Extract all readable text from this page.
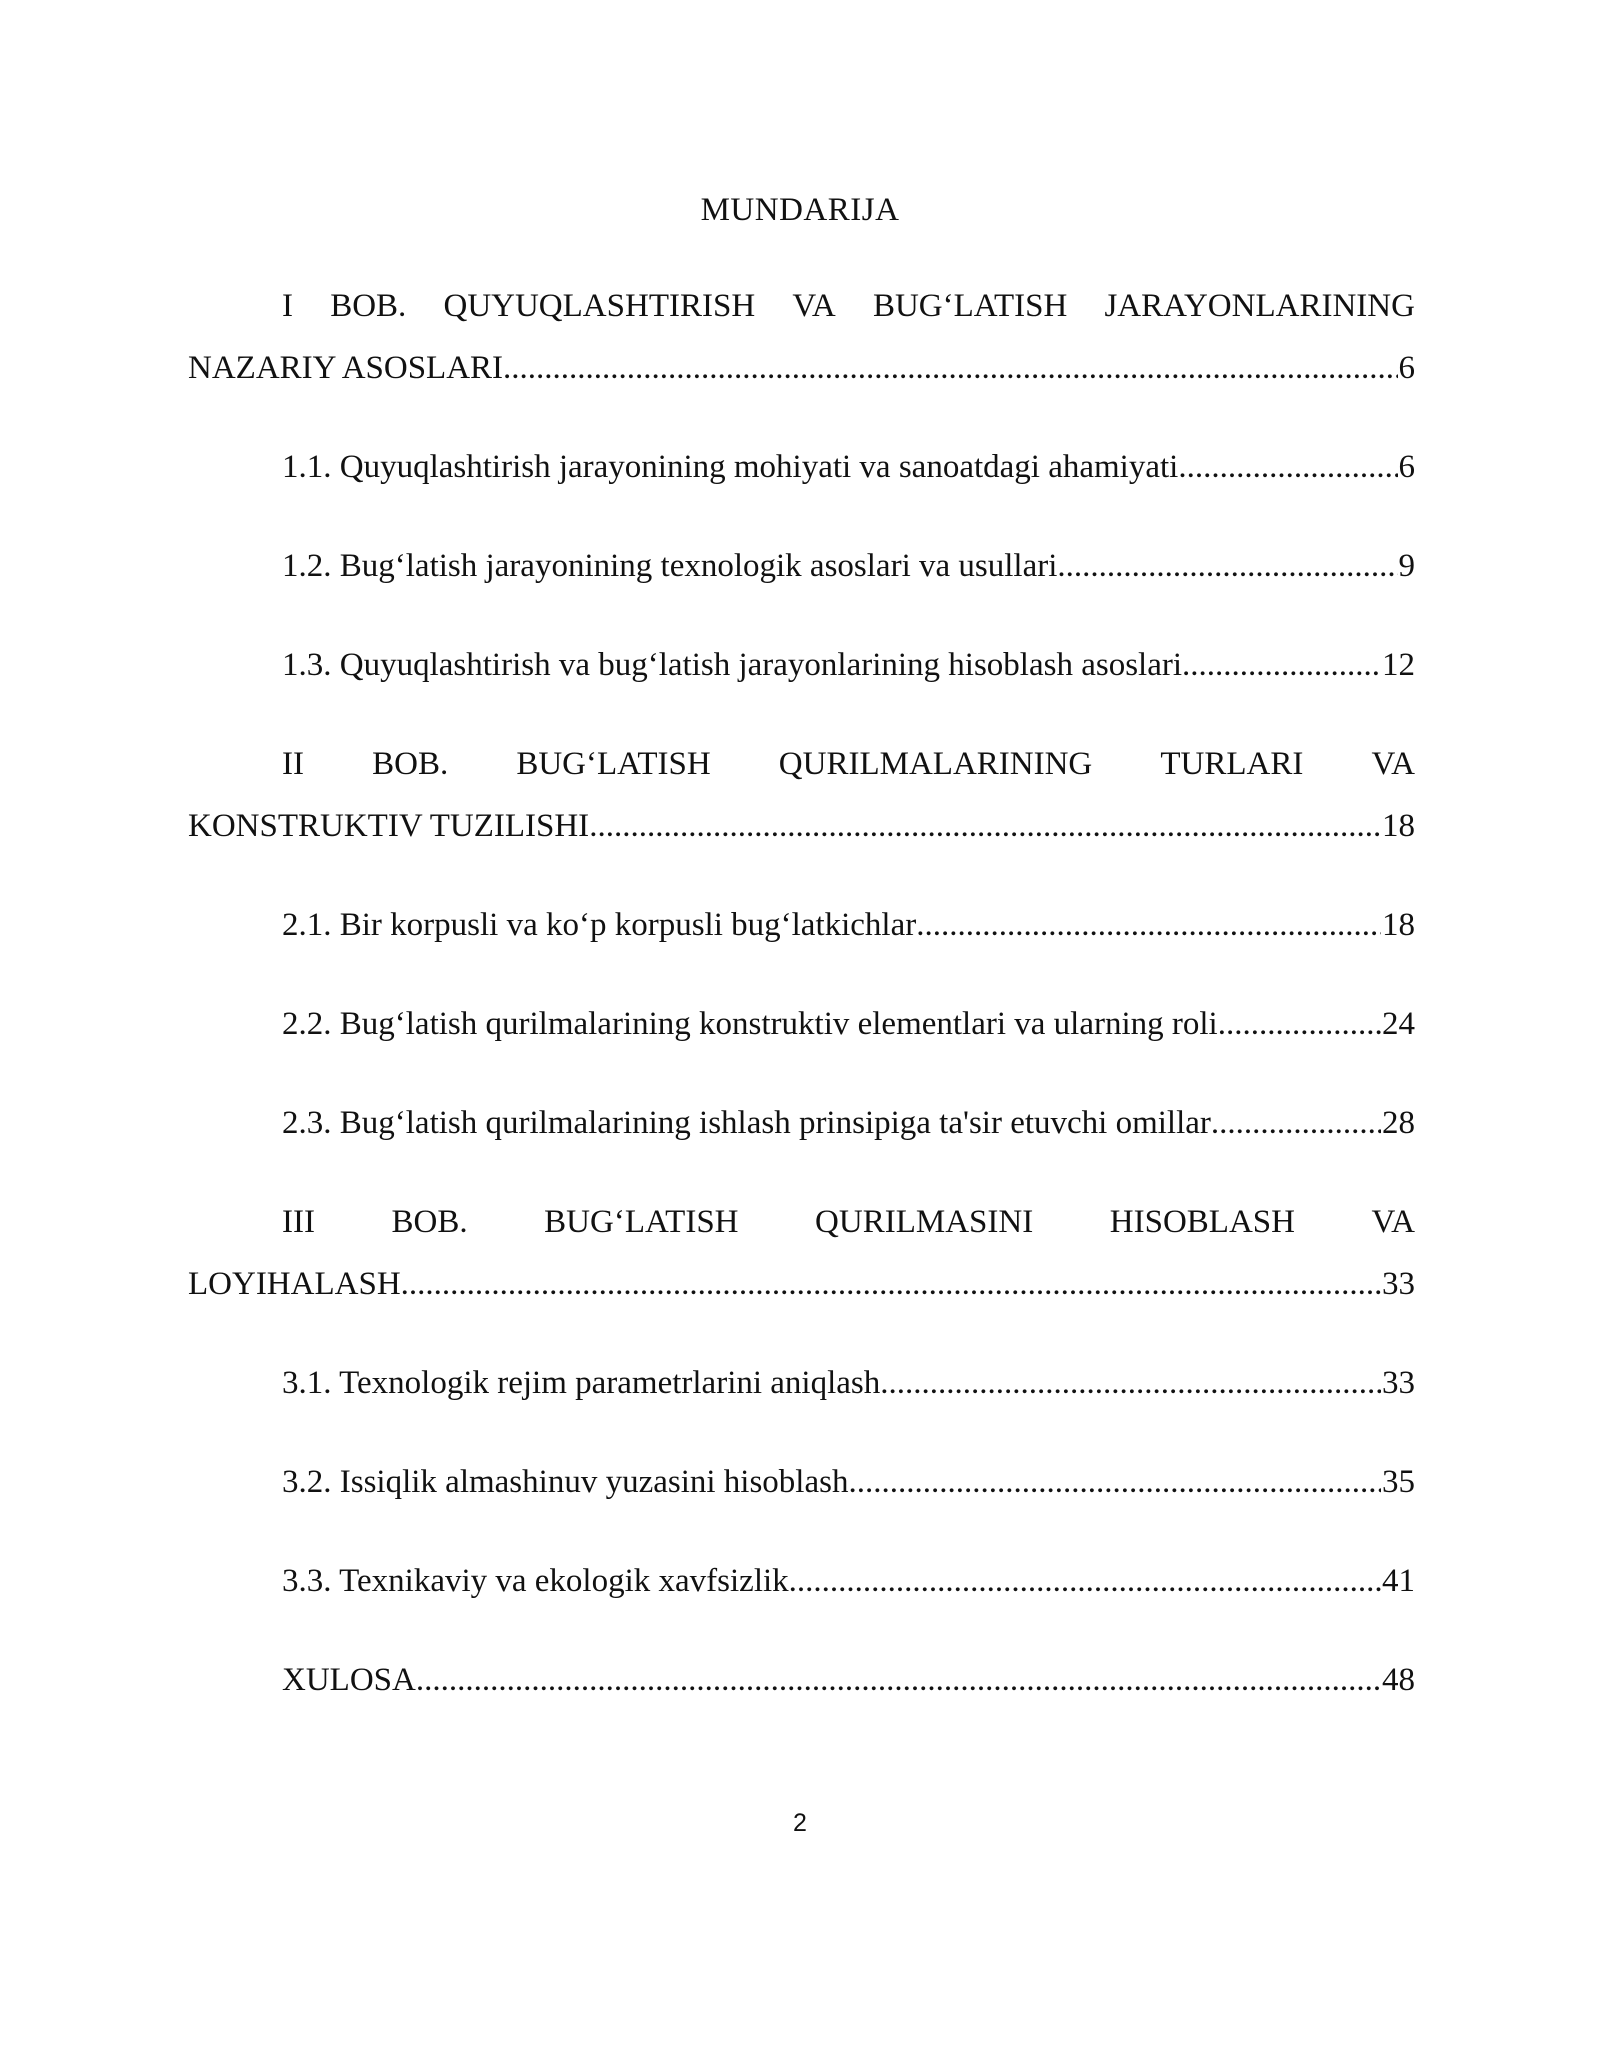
MUNDARIJA
I BOB. QUYUQLASHTIRISH VA BUG‘LATISH JARAYONLARINING
NAZARIY ASOSLARI .....	6
1.1. Quyuqlashtirish jarayonining mohiyati va sanoatdagi ahamiyati .....	6
1.2. Bug‘latish jarayonining texnologik asoslari va usullari .....	9
1.3. Quyuqlashtirish va bug‘latish jarayonlarining hisoblash asoslari .....	12
II BOB. BUG‘LATISH QURILMALARINING TURLARI VA
KONSTRUKTIV TUZILISHI .....	18
2.1. Bir korpusli va ko‘p korpusli bug‘latkichlar .....	18
2.2. Bug‘latish qurilmalarining konstruktiv elementlari va ularning roli .....	24
2.3. Bug‘latish qurilmalarining ishlash prinsipiga ta'sir etuvchi omillar .....	28
III BOB. BUG‘LATISH QURILMASINI HISOBLASH VA
LOYIHALASH .....	33
3.1. Texnologik rejim parametrlarini aniqlash .....	33
3.2. Issiqlik almashinuv yuzasini hisoblash .....	35
3.3. Texnikaviy va ekologik xavfsizlik .....	41
XULOSA .....	48
2
